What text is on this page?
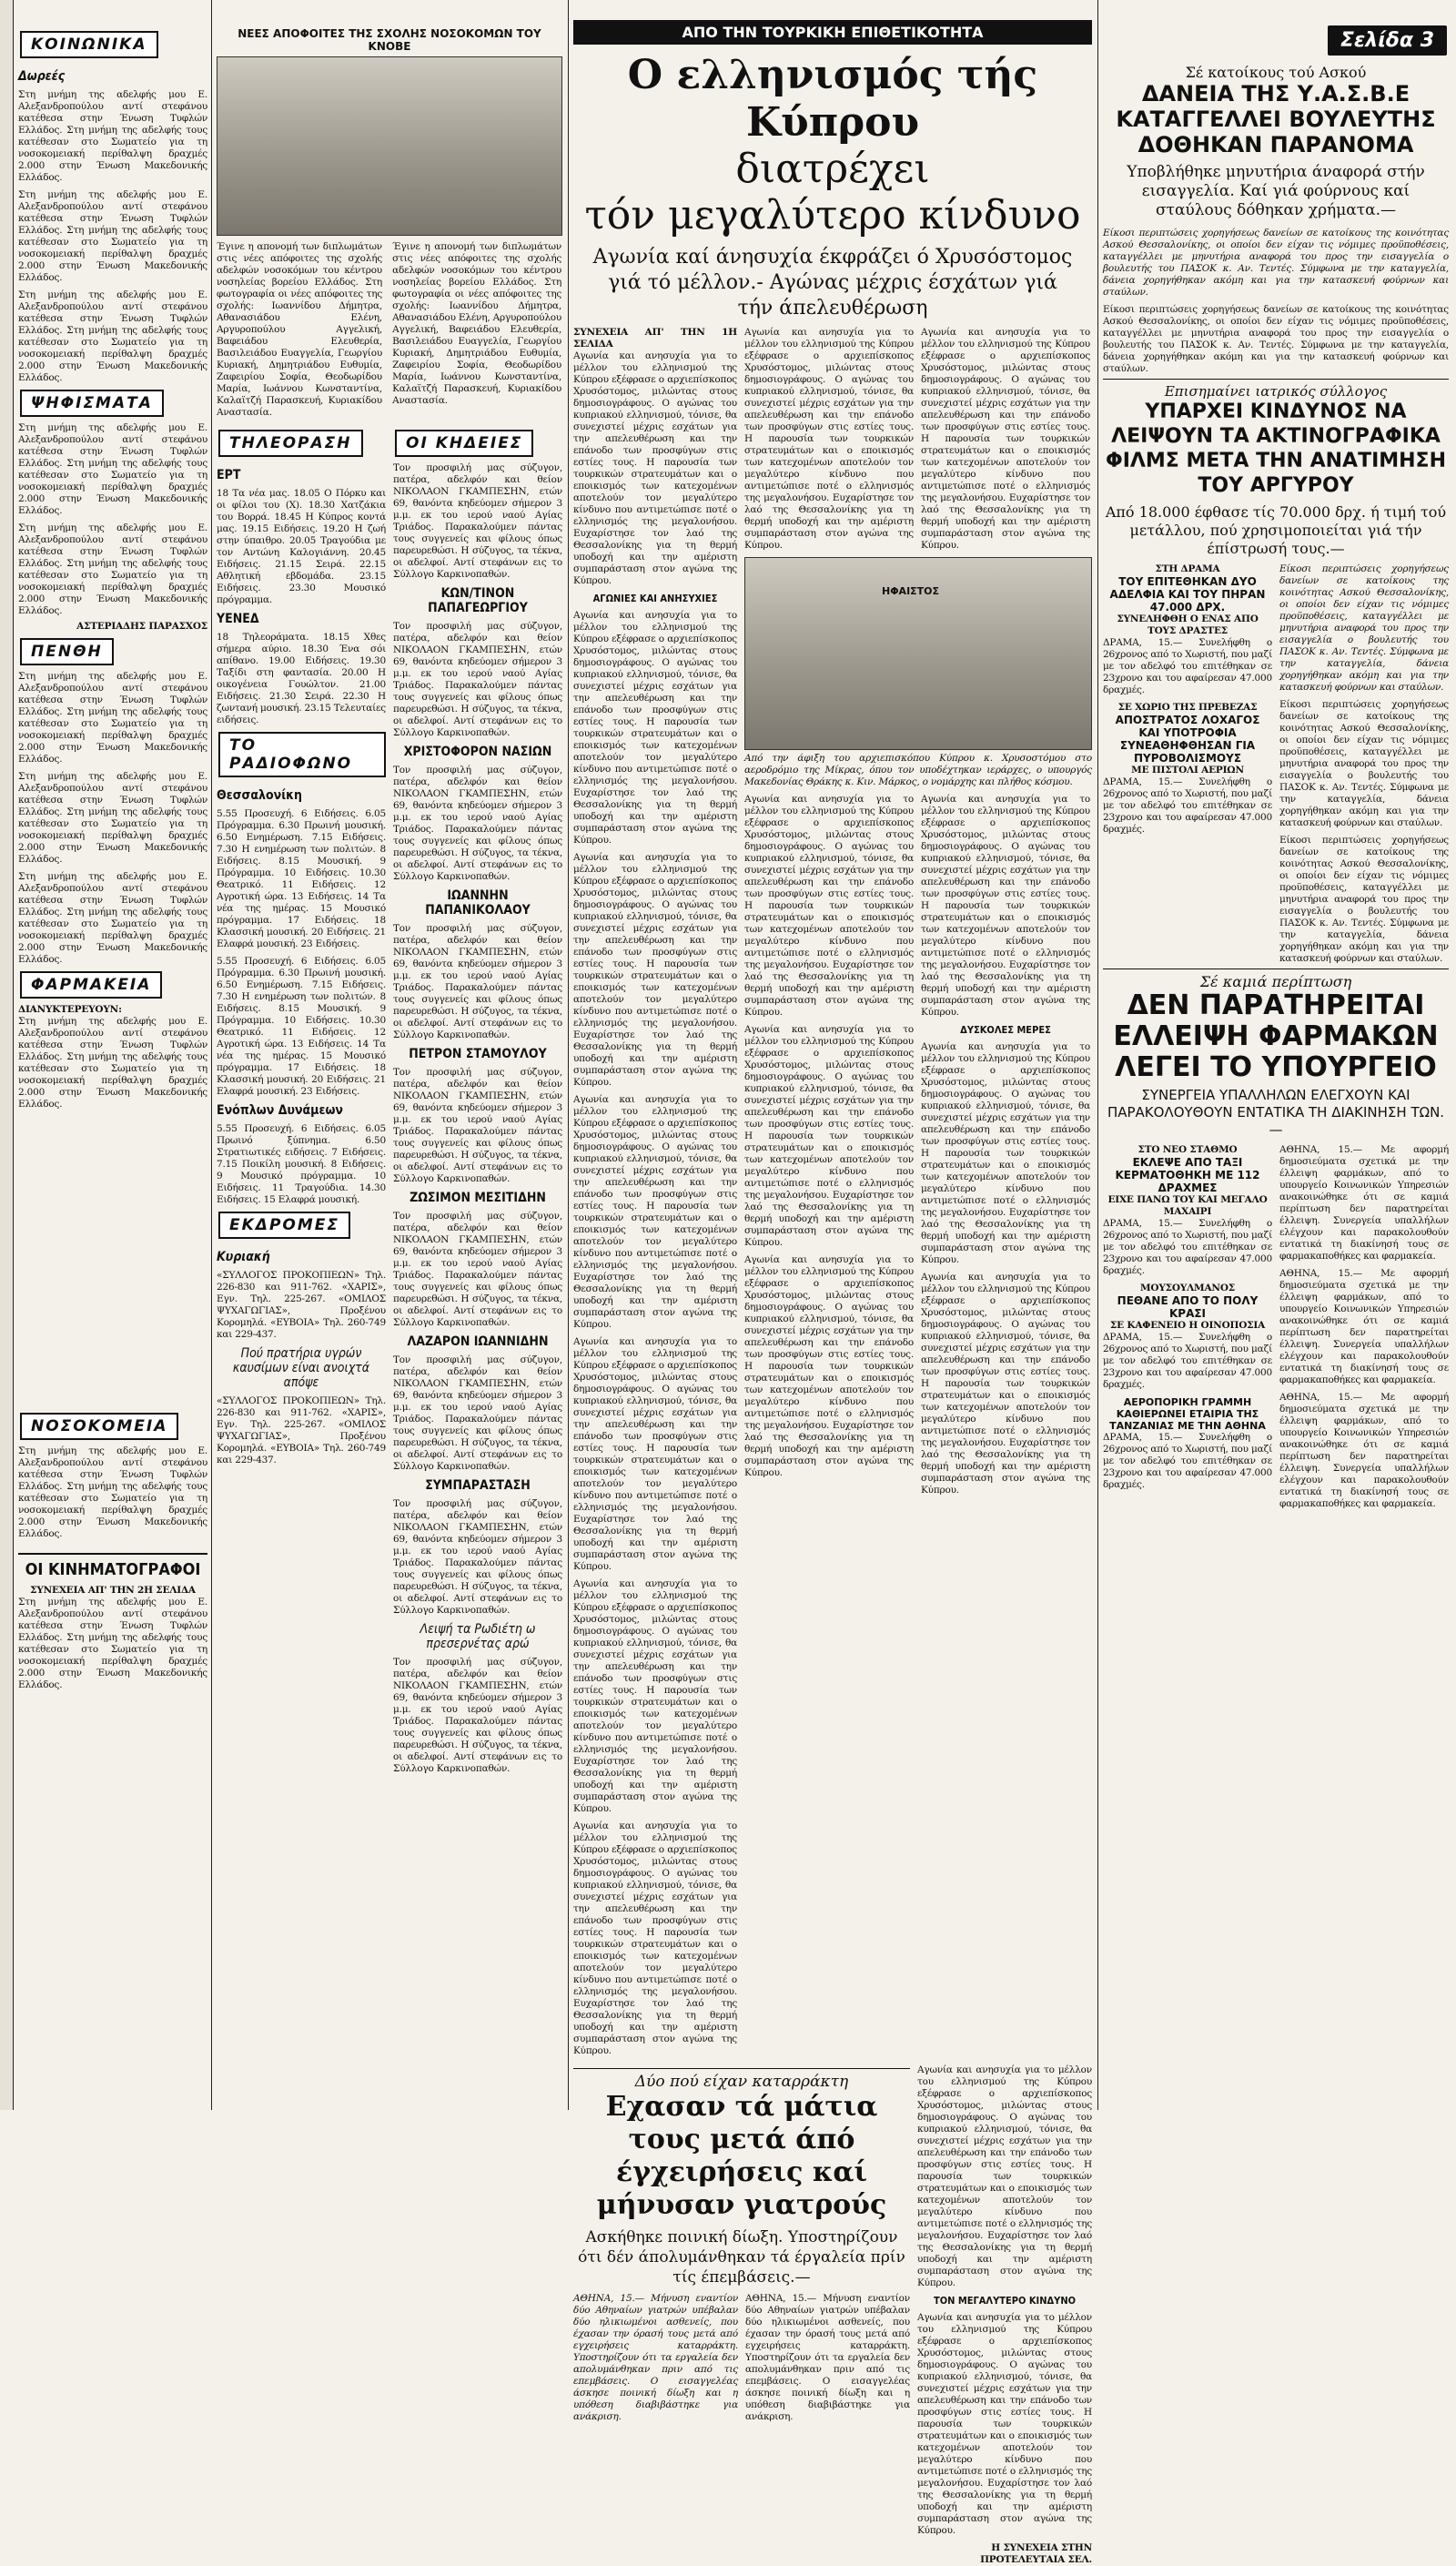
ΚΟΙΝΩΝΙΚΑ
Δωρεές
Στη μνήμη της αδελφής μου Ε. Αλεξανδροπούλου αντί στεφάνου κατέθεσα στην Ένωση Τυφλών Ελλάδος. Στη μνήμη της αδελφής τους κατέθεσαν στο Σωματείο για τη νοσοκομειακή περίθαλψη δραχμές 2.000 στην Ένωση Μακεδονικής Ελλάδος.
Στη μνήμη της αδελφής μου Ε. Αλεξανδροπούλου αντί στεφάνου κατέθεσα στην Ένωση Τυφλών Ελλάδος. Στη μνήμη της αδελφής τους κατέθεσαν στο Σωματείο για τη νοσοκομειακή περίθαλψη δραχμές 2.000 στην Ένωση Μακεδονικής Ελλάδος.
Στη μνήμη της αδελφής μου Ε. Αλεξανδροπούλου αντί στεφάνου κατέθεσα στην Ένωση Τυφλών Ελλάδος. Στη μνήμη της αδελφής τους κατέθεσαν στο Σωματείο για τη νοσοκομειακή περίθαλψη δραχμές 2.000 στην Ένωση Μακεδονικής Ελλάδος.
ΨΗΦΙΣΜΑΤΑ
Στη μνήμη της αδελφής μου Ε. Αλεξανδροπούλου αντί στεφάνου κατέθεσα στην Ένωση Τυφλών Ελλάδος. Στη μνήμη της αδελφής τους κατέθεσαν στο Σωματείο για τη νοσοκομειακή περίθαλψη δραχμές 2.000 στην Ένωση Μακεδονικής Ελλάδος.
Στη μνήμη της αδελφής μου Ε. Αλεξανδροπούλου αντί στεφάνου κατέθεσα στην Ένωση Τυφλών Ελλάδος. Στη μνήμη της αδελφής τους κατέθεσαν στο Σωματείο για τη νοσοκομειακή περίθαλψη δραχμές 2.000 στην Ένωση Μακεδονικής Ελλάδος.
ΑΣΤΕΡΙΑΔΗΣ ΠΑΡΑΣΧΟΣ
ΠΕΝΘΗ
Στη μνήμη της αδελφής μου Ε. Αλεξανδροπούλου αντί στεφάνου κατέθεσα στην Ένωση Τυφλών Ελλάδος. Στη μνήμη της αδελφής τους κατέθεσαν στο Σωματείο για τη νοσοκομειακή περίθαλψη δραχμές 2.000 στην Ένωση Μακεδονικής Ελλάδος.
Στη μνήμη της αδελφής μου Ε. Αλεξανδροπούλου αντί στεφάνου κατέθεσα στην Ένωση Τυφλών Ελλάδος. Στη μνήμη της αδελφής τους κατέθεσαν στο Σωματείο για τη νοσοκομειακή περίθαλψη δραχμές 2.000 στην Ένωση Μακεδονικής Ελλάδος.
Στη μνήμη της αδελφής μου Ε. Αλεξανδροπούλου αντί στεφάνου κατέθεσα στην Ένωση Τυφλών Ελλάδος. Στη μνήμη της αδελφής τους κατέθεσαν στο Σωματείο για τη νοσοκομειακή περίθαλψη δραχμές 2.000 στην Ένωση Μακεδονικής Ελλάδος.
ΦΑΡΜΑΚΕΙΑ
ΔΙΑΝΥΚΤΕΡΕΥΟΥΝ:
Στη μνήμη της αδελφής μου Ε. Αλεξανδροπούλου αντί στεφάνου κατέθεσα στην Ένωση Τυφλών Ελλάδος. Στη μνήμη της αδελφής τους κατέθεσαν στο Σωματείο για τη νοσοκομειακή περίθαλψη δραχμές 2.000 στην Ένωση Μακεδονικής Ελλάδος.
ΝΟΣΟΚΟΜΕΙΑ
Στη μνήμη της αδελφής μου Ε. Αλεξανδροπούλου αντί στεφάνου κατέθεσα στην Ένωση Τυφλών Ελλάδος. Στη μνήμη της αδελφής τους κατέθεσαν στο Σωματείο για τη νοσοκομειακή περίθαλψη δραχμές 2.000 στην Ένωση Μακεδονικής Ελλάδος.
ΟΙ ΚΙΝΗΜΑΤΟΓΡΑΦΟΙ
ΣΥΝΕΧΕΙΑ ΑΠ' ΤΗΝ 2Η ΣΕΛΙΔΑ
Στη μνήμη της αδελφής μου Ε. Αλεξανδροπούλου αντί στεφάνου κατέθεσα στην Ένωση Τυφλών Ελλάδος. Στη μνήμη της αδελφής τους κατέθεσαν στο Σωματείο για τη νοσοκομειακή περίθαλψη δραχμές 2.000 στην Ένωση Μακεδονικής Ελλάδος.
ΝΕΕΣ ΑΠΟΦΟΙΤΕΣ ΤΗΣ ΣΧΟΛΗΣ ΝΟΣΟΚΟΜΩΝ ΤΟΥ ΚΝΟΒΕ
Έγινε η απονομή των διπλωμάτων στις νέες απόφοιτες της σχολής αδελφών νοσοκόμων του κέντρου νοσηλείας βορείου Ελλάδος. Στη φωτογραφία οι νέες απόφοιτες της σχολής: Ιωαννίδου Δήμητρα, Αθανασιάδου Ελένη, Αργυροπούλου Αγγελική, Βαφειάδου Ελευθερία, Βασιλειάδου Ευαγγελία, Γεωργίου Κυριακή, Δημητριάδου Ευθυμία, Ζαφειρίου Σοφία, Θεοδωρίδου Μαρία, Ιωάννου Κωνσταντίνα, Καλαϊτζή Παρασκευή, Κυριακίδου Αναστασία. Έγινε η απονομή των διπλωμάτων στις νέες απόφοιτες της σχολής αδελφών νοσοκόμων του κέντρου νοσηλείας βορείου Ελλάδος. Στη φωτογραφία οι νέες απόφοιτες της σχολής: Ιωαννίδου Δήμητρα, Αθανασιάδου Ελένη, Αργυροπούλου Αγγελική, Βαφειάδου Ελευθερία, Βασιλειάδου Ευαγγελία, Γεωργίου Κυριακή, Δημητριάδου Ευθυμία, Ζαφειρίου Σοφία, Θεοδωρίδου Μαρία, Ιωάννου Κωνσταντίνα, Καλαϊτζή Παρασκευή, Κυριακίδου Αναστασία.
ΤΗΛΕΟΡΑΣΗ
ΕΡΤ
18 Τα νέα μας. 18.05 Ο Πόρκυ και οι φίλοι του (Χ). 18.30 Χατζάκια του Βορρά. 18.45 Η Κύπρος κοντά μας. 19.15 Ειδήσεις. 19.20 Η ζωή στην ύπαιθρο. 20.05 Τραγούδια με τον Αντώνη Καλογιάννη. 20.45 Ειδήσεις. 21.15 Σειρά. 22.15 Αθλητική εβδομάδα. 23.15 Ειδήσεις. 23.30 Μουσικό πρόγραμμα.
ΥΕΝΕΔ
18 Τηλεοράματα. 18.15 Χθες σήμερα αύριο. 18.30 Ένα σόι απίθανο. 19.00 Ειδήσεις. 19.30 Ταξίδι στη φαντασία. 20.00 Η οικογένεια Γουώλτον. 21.00 Ειδήσεις. 21.30 Σειρά. 22.30 Η ζωντανή μουσική. 23.15 Τελευταίες ειδήσεις.
ΤΟ ΡΑΔΙΟΦΩΝΟ
Θεσσαλονίκη
5.55 Προσευχή. 6 Ειδήσεις. 6.05 Πρόγραμμα. 6.30 Πρωινή μουσική. 6.50 Ενημέρωση. 7.15 Ειδήσεις. 7.30 Η ενημέρωση των πολιτών. 8 Ειδήσεις. 8.15 Μουσική. 9 Πρόγραμμα. 10 Ειδήσεις. 10.30 Θεατρικό. 11 Ειδήσεις. 12 Αγροτική ώρα. 13 Ειδήσεις. 14 Τα νέα της ημέρας. 15 Μουσικό πρόγραμμα. 17 Ειδήσεις. 18 Κλασσική μουσική. 20 Ειδήσεις. 21 Ελαφρά μουσική. 23 Ειδήσεις.
5.55 Προσευχή. 6 Ειδήσεις. 6.05 Πρόγραμμα. 6.30 Πρωινή μουσική. 6.50 Ενημέρωση. 7.15 Ειδήσεις. 7.30 Η ενημέρωση των πολιτών. 8 Ειδήσεις. 8.15 Μουσική. 9 Πρόγραμμα. 10 Ειδήσεις. 10.30 Θεατρικό. 11 Ειδήσεις. 12 Αγροτική ώρα. 13 Ειδήσεις. 14 Τα νέα της ημέρας. 15 Μουσικό πρόγραμμα. 17 Ειδήσεις. 18 Κλασσική μουσική. 20 Ειδήσεις. 21 Ελαφρά μουσική. 23 Ειδήσεις.
Ενόπλων Δυνάμεων
5.55 Προσευχή. 6 Ειδήσεις. 6.05 Πρωινό ξύπνημα. 6.50 Στρατιωτικές ειδήσεις. 7 Ειδήσεις. 7.15 Ποικίλη μουσική. 8 Ειδήσεις. 9 Μουσικό πρόγραμμα. 10 Ειδήσεις. 11 Τραγούδια. 14.30 Ειδήσεις. 15 Ελαφρά μουσική.
ΕΚΔΡΟΜΕΣ
Κυριακή
«ΣΥΛΛΟΓΟΣ ΠΡΟΚΟΠΙΕΩΝ» Τηλ. 226-830 και 911-762. «ΧΑΡΙΣ», Εγν. Τηλ. 225-267. «ΟΜΙΛΟΣ ΨΥΧΑΓΩΓΙΑΣ», Προξένου Κορομηλά. «ΕΥΒΟΙΑ» Τηλ. 260-749 και 229-437.
Πού πρατήρια υγρών καυσίμων είναι ανοιχτά απόψε
«ΣΥΛΛΟΓΟΣ ΠΡΟΚΟΠΙΕΩΝ» Τηλ. 226-830 και 911-762. «ΧΑΡΙΣ», Εγν. Τηλ. 225-267. «ΟΜΙΛΟΣ ΨΥΧΑΓΩΓΙΑΣ», Προξένου Κορομηλά. «ΕΥΒΟΙΑ» Τηλ. 260-749 και 229-437.
ΟΙ ΚΗΔΕΙΕΣ
Τον προσφιλή μας σύζυγον, πατέρα, αδελφόν και θείον ΝΙΚΟΛΑΟΝ ΓΚΑΜΠΕΣΗΝ, ετών 69, θανόντα κηδεύομεν σήμερον 3 μ.μ. εκ του ιερού ναού Αγίας Τριάδος. Παρακαλούμεν πάντας τους συγγενείς και φίλους όπως παρευρεθώσι. Η σύζυγος, τα τέκνα, οι αδελφοί. Αντί στεφάνων εις το Σύλλογο Καρκινοπαθών.
ΚΩΝ/ΤΙΝΟΝ ΠΑΠΑΓΕΩΡΓΙΟΥ
Τον προσφιλή μας σύζυγον, πατέρα, αδελφόν και θείον ΝΙΚΟΛΑΟΝ ΓΚΑΜΠΕΣΗΝ, ετών 69, θανόντα κηδεύομεν σήμερον 3 μ.μ. εκ του ιερού ναού Αγίας Τριάδος. Παρακαλούμεν πάντας τους συγγενείς και φίλους όπως παρευρεθώσι. Η σύζυγος, τα τέκνα, οι αδελφοί. Αντί στεφάνων εις το Σύλλογο Καρκινοπαθών.
ΧΡΙΣΤΟΦΟΡΟΝ ΝΑΣΙΩΝ
Τον προσφιλή μας σύζυγον, πατέρα, αδελφόν και θείον ΝΙΚΟΛΑΟΝ ΓΚΑΜΠΕΣΗΝ, ετών 69, θανόντα κηδεύομεν σήμερον 3 μ.μ. εκ του ιερού ναού Αγίας Τριάδος. Παρακαλούμεν πάντας τους συγγενείς και φίλους όπως παρευρεθώσι. Η σύζυγος, τα τέκνα, οι αδελφοί. Αντί στεφάνων εις το Σύλλογο Καρκινοπαθών.
ΙΩΑΝΝΗΝ ΠΑΠΑΝΙΚΟΛΑΟΥ
Τον προσφιλή μας σύζυγον, πατέρα, αδελφόν και θείον ΝΙΚΟΛΑΟΝ ΓΚΑΜΠΕΣΗΝ, ετών 69, θανόντα κηδεύομεν σήμερον 3 μ.μ. εκ του ιερού ναού Αγίας Τριάδος. Παρακαλούμεν πάντας τους συγγενείς και φίλους όπως παρευρεθώσι. Η σύζυγος, τα τέκνα, οι αδελφοί. Αντί στεφάνων εις το Σύλλογο Καρκινοπαθών.
ΠΕΤΡΟΝ ΣΤΑΜΟΥΛΟΥ
Τον προσφιλή μας σύζυγον, πατέρα, αδελφόν και θείον ΝΙΚΟΛΑΟΝ ΓΚΑΜΠΕΣΗΝ, ετών 69, θανόντα κηδεύομεν σήμερον 3 μ.μ. εκ του ιερού ναού Αγίας Τριάδος. Παρακαλούμεν πάντας τους συγγενείς και φίλους όπως παρευρεθώσι. Η σύζυγος, τα τέκνα, οι αδελφοί. Αντί στεφάνων εις το Σύλλογο Καρκινοπαθών.
ΖΩΣΙΜΟΝ ΜΕΣΙΤΙΔΗΝ
Τον προσφιλή μας σύζυγον, πατέρα, αδελφόν και θείον ΝΙΚΟΛΑΟΝ ΓΚΑΜΠΕΣΗΝ, ετών 69, θανόντα κηδεύομεν σήμερον 3 μ.μ. εκ του ιερού ναού Αγίας Τριάδος. Παρακαλούμεν πάντας τους συγγενείς και φίλους όπως παρευρεθώσι. Η σύζυγος, τα τέκνα, οι αδελφοί. Αντί στεφάνων εις το Σύλλογο Καρκινοπαθών.
ΛΑΖΑΡΟΝ ΙΩΑΝΝΙΔΗΝ
Τον προσφιλή μας σύζυγον, πατέρα, αδελφόν και θείον ΝΙΚΟΛΑΟΝ ΓΚΑΜΠΕΣΗΝ, ετών 69, θανόντα κηδεύομεν σήμερον 3 μ.μ. εκ του ιερού ναού Αγίας Τριάδος. Παρακαλούμεν πάντας τους συγγενείς και φίλους όπως παρευρεθώσι. Η σύζυγος, τα τέκνα, οι αδελφοί. Αντί στεφάνων εις το Σύλλογο Καρκινοπαθών.
ΣΥΜΠΑΡΑΣΤΑΣΗ
Τον προσφιλή μας σύζυγον, πατέρα, αδελφόν και θείον ΝΙΚΟΛΑΟΝ ΓΚΑΜΠΕΣΗΝ, ετών 69, θανόντα κηδεύομεν σήμερον 3 μ.μ. εκ του ιερού ναού Αγίας Τριάδος. Παρακαλούμεν πάντας τους συγγενείς και φίλους όπως παρευρεθώσι. Η σύζυγος, τα τέκνα, οι αδελφοί. Αντί στεφάνων εις το Σύλλογο Καρκινοπαθών.
Λειψή τα Ρωδιέτη ω πρεσερνέτας αρώ
Τον προσφιλή μας σύζυγον, πατέρα, αδελφόν και θείον ΝΙΚΟΛΑΟΝ ΓΚΑΜΠΕΣΗΝ, ετών 69, θανόντα κηδεύομεν σήμερον 3 μ.μ. εκ του ιερού ναού Αγίας Τριάδος. Παρακαλούμεν πάντας τους συγγενείς και φίλους όπως παρευρεθώσι. Η σύζυγος, τα τέκνα, οι αδελφοί. Αντί στεφάνων εις το Σύλλογο Καρκινοπαθών.
ΑΠΟ ΤΗΝ ΤΟΥΡΚΙΚΗ ΕΠΙΘΕΤΙΚΟΤΗΤΑ
Ο ελληνισμός τής Κύπρου
διατρέχει
τόν μεγαλύτερο κίνδυνο
Αγωνία καί άνησυχία έκφράζει ό Χρυσόστομος γιά τό μέλλον.- Αγώνας μέχρις έσχάτων γιά τήν άπελευθέρωση
ΣΥΝΕΧΕΙΑ ΑΠ' ΤΗΝ 1Η ΣΕΛΙΔΑ
Αγωνία και ανησυχία για το μέλλον του ελληνισμού της Κύπρου εξέφρασε ο αρχιεπίσκοπος Χρυσόστομος, μιλώντας στους δημοσιογράφους. Ο αγώνας του κυπριακού ελληνισμού, τόνισε, θα συνεχιστεί μέχρις εσχάτων για την απελευθέρωση και την επάνοδο των προσφύγων στις εστίες τους. Η παρουσία των τουρκικών στρατευμάτων και ο εποικισμός των κατεχομένων αποτελούν τον μεγαλύτερο κίνδυνο που αντιμετώπισε ποτέ ο ελληνισμός της μεγαλονήσου. Ευχαρίστησε τον λαό της Θεσσαλονίκης για τη θερμή υποδοχή και την αμέριστη συμπαράσταση στον αγώνα της Κύπρου.
ΑΓΩΝΙΕΣ ΚΑΙ ΑΝΗΣΥΧΙΕΣ
Αγωνία και ανησυχία για το μέλλον του ελληνισμού της Κύπρου εξέφρασε ο αρχιεπίσκοπος Χρυσόστομος, μιλώντας στους δημοσιογράφους. Ο αγώνας του κυπριακού ελληνισμού, τόνισε, θα συνεχιστεί μέχρις εσχάτων για την απελευθέρωση και την επάνοδο των προσφύγων στις εστίες τους. Η παρουσία των τουρκικών στρατευμάτων και ο εποικισμός των κατεχομένων αποτελούν τον μεγαλύτερο κίνδυνο που αντιμετώπισε ποτέ ο ελληνισμός της μεγαλονήσου. Ευχαρίστησε τον λαό της Θεσσαλονίκης για τη θερμή υποδοχή και την αμέριστη συμπαράσταση στον αγώνα της Κύπρου.
Αγωνία και ανησυχία για το μέλλον του ελληνισμού της Κύπρου εξέφρασε ο αρχιεπίσκοπος Χρυσόστομος, μιλώντας στους δημοσιογράφους. Ο αγώνας του κυπριακού ελληνισμού, τόνισε, θα συνεχιστεί μέχρις εσχάτων για την απελευθέρωση και την επάνοδο των προσφύγων στις εστίες τους. Η παρουσία των τουρκικών στρατευμάτων και ο εποικισμός των κατεχομένων αποτελούν τον μεγαλύτερο κίνδυνο που αντιμετώπισε ποτέ ο ελληνισμός της μεγαλονήσου. Ευχαρίστησε τον λαό της Θεσσαλονίκης για τη θερμή υποδοχή και την αμέριστη συμπαράσταση στον αγώνα της Κύπρου.
Αγωνία και ανησυχία για το μέλλον του ελληνισμού της Κύπρου εξέφρασε ο αρχιεπίσκοπος Χρυσόστομος, μιλώντας στους δημοσιογράφους. Ο αγώνας του κυπριακού ελληνισμού, τόνισε, θα συνεχιστεί μέχρις εσχάτων για την απελευθέρωση και την επάνοδο των προσφύγων στις εστίες τους. Η παρουσία των τουρκικών στρατευμάτων και ο εποικισμός των κατεχομένων αποτελούν τον μεγαλύτερο κίνδυνο που αντιμετώπισε ποτέ ο ελληνισμός της μεγαλονήσου. Ευχαρίστησε τον λαό της Θεσσαλονίκης για τη θερμή υποδοχή και την αμέριστη συμπαράσταση στον αγώνα της Κύπρου.
Αγωνία και ανησυχία για το μέλλον του ελληνισμού της Κύπρου εξέφρασε ο αρχιεπίσκοπος Χρυσόστομος, μιλώντας στους δημοσιογράφους. Ο αγώνας του κυπριακού ελληνισμού, τόνισε, θα συνεχιστεί μέχρις εσχάτων για την απελευθέρωση και την επάνοδο των προσφύγων στις εστίες τους. Η παρουσία των τουρκικών στρατευμάτων και ο εποικισμός των κατεχομένων αποτελούν τον μεγαλύτερο κίνδυνο που αντιμετώπισε ποτέ ο ελληνισμός της μεγαλονήσου. Ευχαρίστησε τον λαό της Θεσσαλονίκης για τη θερμή υποδοχή και την αμέριστη συμπαράσταση στον αγώνα της Κύπρου.
Αγωνία και ανησυχία για το μέλλον του ελληνισμού της Κύπρου εξέφρασε ο αρχιεπίσκοπος Χρυσόστομος, μιλώντας στους δημοσιογράφους. Ο αγώνας του κυπριακού ελληνισμού, τόνισε, θα συνεχιστεί μέχρις εσχάτων για την απελευθέρωση και την επάνοδο των προσφύγων στις εστίες τους. Η παρουσία των τουρκικών στρατευμάτων και ο εποικισμός των κατεχομένων αποτελούν τον μεγαλύτερο κίνδυνο που αντιμετώπισε ποτέ ο ελληνισμός της μεγαλονήσου. Ευχαρίστησε τον λαό της Θεσσαλονίκης για τη θερμή υποδοχή και την αμέριστη συμπαράσταση στον αγώνα της Κύπρου.
Αγωνία και ανησυχία για το μέλλον του ελληνισμού της Κύπρου εξέφρασε ο αρχιεπίσκοπος Χρυσόστομος, μιλώντας στους δημοσιογράφους. Ο αγώνας του κυπριακού ελληνισμού, τόνισε, θα συνεχιστεί μέχρις εσχάτων για την απελευθέρωση και την επάνοδο των προσφύγων στις εστίες τους. Η παρουσία των τουρκικών στρατευμάτων και ο εποικισμός των κατεχομένων αποτελούν τον μεγαλύτερο κίνδυνο που αντιμετώπισε ποτέ ο ελληνισμός της μεγαλονήσου. Ευχαρίστησε τον λαό της Θεσσαλονίκης για τη θερμή υποδοχή και την αμέριστη συμπαράσταση στον αγώνα της Κύπρου.
Αγωνία και ανησυχία για το μέλλον του ελληνισμού της Κύπρου εξέφρασε ο αρχιεπίσκοπος Χρυσόστομος, μιλώντας στους δημοσιογράφους. Ο αγώνας του κυπριακού ελληνισμού, τόνισε, θα συνεχιστεί μέχρις εσχάτων για την απελευθέρωση και την επάνοδο των προσφύγων στις εστίες τους. Η παρουσία των τουρκικών στρατευμάτων και ο εποικισμός των κατεχομένων αποτελούν τον μεγαλύτερο κίνδυνο που αντιμετώπισε ποτέ ο ελληνισμός της μεγαλονήσου. Ευχαρίστησε τον λαό της Θεσσαλονίκης για τη θερμή υποδοχή και την αμέριστη συμπαράσταση στον αγώνα της Κύπρου.
Αγωνία και ανησυχία για το μέλλον του ελληνισμού της Κύπρου εξέφρασε ο αρχιεπίσκοπος Χρυσόστομος, μιλώντας στους δημοσιογράφους. Ο αγώνας του κυπριακού ελληνισμού, τόνισε, θα συνεχιστεί μέχρις εσχάτων για την απελευθέρωση και την επάνοδο των προσφύγων στις εστίες τους. Η παρουσία των τουρκικών στρατευμάτων και ο εποικισμός των κατεχομένων αποτελούν τον μεγαλύτερο κίνδυνο που αντιμετώπισε ποτέ ο ελληνισμός της μεγαλονήσου. Ευχαρίστησε τον λαό της Θεσσαλονίκης για τη θερμή υποδοχή και την αμέριστη συμπαράσταση στον αγώνα της Κύπρου.
ΗΦΑΙΣΤΟΣ
Από την άφιξη του αρχιεπισκόπου Κύπρου κ. Χρυσοστόμου στο αεροδρόμιο της Μίκρας, όπου τον υποδέχτηκαν ιεράρχες, ο υπουργός Μακεδονίας Θράκης κ. Κιν. Μάρκος, ο νομάρχης και πλήθος κόσμου.
Αγωνία και ανησυχία για το μέλλον του ελληνισμού της Κύπρου εξέφρασε ο αρχιεπίσκοπος Χρυσόστομος, μιλώντας στους δημοσιογράφους. Ο αγώνας του κυπριακού ελληνισμού, τόνισε, θα συνεχιστεί μέχρις εσχάτων για την απελευθέρωση και την επάνοδο των προσφύγων στις εστίες τους. Η παρουσία των τουρκικών στρατευμάτων και ο εποικισμός των κατεχομένων αποτελούν τον μεγαλύτερο κίνδυνο που αντιμετώπισε ποτέ ο ελληνισμός της μεγαλονήσου. Ευχαρίστησε τον λαό της Θεσσαλονίκης για τη θερμή υποδοχή και την αμέριστη συμπαράσταση στον αγώνα της Κύπρου.
Αγωνία και ανησυχία για το μέλλον του ελληνισμού της Κύπρου εξέφρασε ο αρχιεπίσκοπος Χρυσόστομος, μιλώντας στους δημοσιογράφους. Ο αγώνας του κυπριακού ελληνισμού, τόνισε, θα συνεχιστεί μέχρις εσχάτων για την απελευθέρωση και την επάνοδο των προσφύγων στις εστίες τους. Η παρουσία των τουρκικών στρατευμάτων και ο εποικισμός των κατεχομένων αποτελούν τον μεγαλύτερο κίνδυνο που αντιμετώπισε ποτέ ο ελληνισμός της μεγαλονήσου. Ευχαρίστησε τον λαό της Θεσσαλονίκης για τη θερμή υποδοχή και την αμέριστη συμπαράσταση στον αγώνα της Κύπρου.
Αγωνία και ανησυχία για το μέλλον του ελληνισμού της Κύπρου εξέφρασε ο αρχιεπίσκοπος Χρυσόστομος, μιλώντας στους δημοσιογράφους. Ο αγώνας του κυπριακού ελληνισμού, τόνισε, θα συνεχιστεί μέχρις εσχάτων για την απελευθέρωση και την επάνοδο των προσφύγων στις εστίες τους. Η παρουσία των τουρκικών στρατευμάτων και ο εποικισμός των κατεχομένων αποτελούν τον μεγαλύτερο κίνδυνο που αντιμετώπισε ποτέ ο ελληνισμός της μεγαλονήσου. Ευχαρίστησε τον λαό της Θεσσαλονίκης για τη θερμή υποδοχή και την αμέριστη συμπαράσταση στον αγώνα της Κύπρου.
Αγωνία και ανησυχία για το μέλλον του ελληνισμού της Κύπρου εξέφρασε ο αρχιεπίσκοπος Χρυσόστομος, μιλώντας στους δημοσιογράφους. Ο αγώνας του κυπριακού ελληνισμού, τόνισε, θα συνεχιστεί μέχρις εσχάτων για την απελευθέρωση και την επάνοδο των προσφύγων στις εστίες τους. Η παρουσία των τουρκικών στρατευμάτων και ο εποικισμός των κατεχομένων αποτελούν τον μεγαλύτερο κίνδυνο που αντιμετώπισε ποτέ ο ελληνισμός της μεγαλονήσου. Ευχαρίστησε τον λαό της Θεσσαλονίκης για τη θερμή υποδοχή και την αμέριστη συμπαράσταση στον αγώνα της Κύπρου.
ΔΥΣΚΟΛΕΣ ΜΕΡΕΣ
Αγωνία και ανησυχία για το μέλλον του ελληνισμού της Κύπρου εξέφρασε ο αρχιεπίσκοπος Χρυσόστομος, μιλώντας στους δημοσιογράφους. Ο αγώνας του κυπριακού ελληνισμού, τόνισε, θα συνεχιστεί μέχρις εσχάτων για την απελευθέρωση και την επάνοδο των προσφύγων στις εστίες τους. Η παρουσία των τουρκικών στρατευμάτων και ο εποικισμός των κατεχομένων αποτελούν τον μεγαλύτερο κίνδυνο που αντιμετώπισε ποτέ ο ελληνισμός της μεγαλονήσου. Ευχαρίστησε τον λαό της Θεσσαλονίκης για τη θερμή υποδοχή και την αμέριστη συμπαράσταση στον αγώνα της Κύπρου.
Αγωνία και ανησυχία για το μέλλον του ελληνισμού της Κύπρου εξέφρασε ο αρχιεπίσκοπος Χρυσόστομος, μιλώντας στους δημοσιογράφους. Ο αγώνας του κυπριακού ελληνισμού, τόνισε, θα συνεχιστεί μέχρις εσχάτων για την απελευθέρωση και την επάνοδο των προσφύγων στις εστίες τους. Η παρουσία των τουρκικών στρατευμάτων και ο εποικισμός των κατεχομένων αποτελούν τον μεγαλύτερο κίνδυνο που αντιμετώπισε ποτέ ο ελληνισμός της μεγαλονήσου. Ευχαρίστησε τον λαό της Θεσσαλονίκης για τη θερμή υποδοχή και την αμέριστη συμπαράσταση στον αγώνα της Κύπρου.
Δύο πού είχαν καταρράκτη
Εχασαν τά μάτια τους μετά άπό έγχειρήσεις καί μήνυσαν γιατρούς
Ασκήθηκε ποινική δίωξη. Υποστηρίζουν ότι δέν άπολυμάνθηκαν τά έργαλεία πρίν τίς έπεμβάσεις.—
ΑΘΗΝΑ, 15.— Μήνυση εναντίον δύο Αθηναίων γιατρών υπέβαλαν δύο ηλικιωμένοι ασθενείς, που έχασαν την όρασή τους μετά από εγχειρήσεις καταρράκτη. Υποστηρίζουν ότι τα εργαλεία δεν απολυμάνθηκαν πριν από τις επεμβάσεις. Ο εισαγγελέας άσκησε ποινική δίωξη και η υπόθεση διαβιβάστηκε για ανάκριση.
ΑΘΗΝΑ, 15.— Μήνυση εναντίον δύο Αθηναίων γιατρών υπέβαλαν δύο ηλικιωμένοι ασθενείς, που έχασαν την όρασή τους μετά από εγχειρήσεις καταρράκτη. Υποστηρίζουν ότι τα εργαλεία δεν απολυμάνθηκαν πριν από τις επεμβάσεις. Ο εισαγγελέας άσκησε ποινική δίωξη και η υπόθεση διαβιβάστηκε για ανάκριση.
Αγωνία και ανησυχία για το μέλλον του ελληνισμού της Κύπρου εξέφρασε ο αρχιεπίσκοπος Χρυσόστομος, μιλώντας στους δημοσιογράφους. Ο αγώνας του κυπριακού ελληνισμού, τόνισε, θα συνεχιστεί μέχρις εσχάτων για την απελευθέρωση και την επάνοδο των προσφύγων στις εστίες τους. Η παρουσία των τουρκικών στρατευμάτων και ο εποικισμός των κατεχομένων αποτελούν τον μεγαλύτερο κίνδυνο που αντιμετώπισε ποτέ ο ελληνισμός της μεγαλονήσου. Ευχαρίστησε τον λαό της Θεσσαλονίκης για τη θερμή υποδοχή και την αμέριστη συμπαράσταση στον αγώνα της Κύπρου.
ΤΟΝ ΜΕΓΑΛΥΤΕΡΟ ΚΙΝΔΥΝΟ
Αγωνία και ανησυχία για το μέλλον του ελληνισμού της Κύπρου εξέφρασε ο αρχιεπίσκοπος Χρυσόστομος, μιλώντας στους δημοσιογράφους. Ο αγώνας του κυπριακού ελληνισμού, τόνισε, θα συνεχιστεί μέχρις εσχάτων για την απελευθέρωση και την επάνοδο των προσφύγων στις εστίες τους. Η παρουσία των τουρκικών στρατευμάτων και ο εποικισμός των κατεχομένων αποτελούν τον μεγαλύτερο κίνδυνο που αντιμετώπισε ποτέ ο ελληνισμός της μεγαλονήσου. Ευχαρίστησε τον λαό της Θεσσαλονίκης για τη θερμή υποδοχή και την αμέριστη συμπαράσταση στον αγώνα της Κύπρου.
Η ΣΥΝΕΧΕΙΑ ΣΤΗΝ ΠΡΟΤΕΛΕΥΤΑΙΑ ΣΕΛ.
Σελίδα 3
Σέ κατοίκους τού Ασκού
ΔΑΝΕΙΑ ΤΗΣ Υ.Α.Σ.Β.Ε ΚΑΤΑΓΓΕΛΛΕΙ ΒΟΥΛΕΥΤΗΣ ΔΟΘΗΚΑΝ ΠΑΡΑΝΟΜΑ
Υποβλήθηκε μηνυτήρια άναφορά στήν εισαγγελία. Καί γιά φούρνους καί σταύλους δόθηκαν χρήματα.—
Είκοσι περιπτώσεις χορηγήσεως δανείων σε κατοίκους της κοινότητας Ασκού Θεσσαλονίκης, οι οποίοι δεν είχαν τις νόμιμες προϋποθέσεις, καταγγέλλει με μηνυτήρια αναφορά του προς την εισαγγελία ο βουλευτής του ΠΑΣΟΚ κ. Αν. Τεντές. Σύμφωνα με την καταγγελία, δάνεια χορηγήθηκαν ακόμη και για την κατασκευή φούρνων και σταύλων.
Είκοσι περιπτώσεις χορηγήσεως δανείων σε κατοίκους της κοινότητας Ασκού Θεσσαλονίκης, οι οποίοι δεν είχαν τις νόμιμες προϋποθέσεις, καταγγέλλει με μηνυτήρια αναφορά του προς την εισαγγελία ο βουλευτής του ΠΑΣΟΚ κ. Αν. Τεντές. Σύμφωνα με την καταγγελία, δάνεια χορηγήθηκαν ακόμη και για την κατασκευή φούρνων και σταύλων.
Επισημαίνει ιατρικός σύλλογος
ΥΠΑΡΧΕΙ ΚΙΝΔΥΝΟΣ ΝΑ ΛΕΙΨΟΥΝ ΤΑ ΑΚΤΙΝΟΓΡΑΦΙΚΑ ΦΙΛΜΣ ΜΕΤΑ ΤΗΝ ΑΝΑΤΙΜΗΣΗ ΤΟΥ ΑΡΓΥΡΟΥ
Από 18.000 έφθασε τίς 70.000 δρχ. ή τιμή τού μετάλλου, πού χρησιμοποιείται γιά τήν έπίστρωσή τους.—
ΣΤΗ ΔΡΑΜΑ
ΤΟΥ ΕΠΙΤΕΘΗΚΑΝ ΔΥΟ ΑΔΕΛΦΙΑ ΚΑΙ ΤΟΥ ΠΗΡΑΝ 47.000 ΔΡΧ.
ΣΥΝΕΛΗΦΘΗ Ο ΕΝΑΣ ΑΠΟ ΤΟΥΣ ΔΡΑΣΤΕΣ
ΔΡΑΜΑ, 15.— Συνελήφθη ο 26χρονος από το Χωριστή, που μαζί με τον αδελφό του επιτέθηκαν σε 23χρονο και του αφαίρεσαν 47.000 δραχμές.
ΣΕ ΧΩΡΙΟ ΤΗΣ ΠΡΕΒΕΖΑΣ
ΑΠΟΣΤΡΑΤΟΣ ΛΟΧΑΓΟΣ ΚΑΙ ΥΠΟΤΡΟΦΙΑ ΣΥΝΕΑΘΗΦΘΗΣΑΝ ΓΙΑ ΠΥΡΟΒΟΛΙΣΜΟΥΣ
ΜΕ ΠΙΣΤΟΛΙ ΑΕΡΙΩΝ
ΔΡΑΜΑ, 15.— Συνελήφθη ο 26χρονος από το Χωριστή, που μαζί με τον αδελφό του επιτέθηκαν σε 23χρονο και του αφαίρεσαν 47.000 δραχμές.
Είκοσι περιπτώσεις χορηγήσεως δανείων σε κατοίκους της κοινότητας Ασκού Θεσσαλονίκης, οι οποίοι δεν είχαν τις νόμιμες προϋποθέσεις, καταγγέλλει με μηνυτήρια αναφορά του προς την εισαγγελία ο βουλευτής του ΠΑΣΟΚ κ. Αν. Τεντές. Σύμφωνα με την καταγγελία, δάνεια χορηγήθηκαν ακόμη και για την κατασκευή φούρνων και σταύλων.
Είκοσι περιπτώσεις χορηγήσεως δανείων σε κατοίκους της κοινότητας Ασκού Θεσσαλονίκης, οι οποίοι δεν είχαν τις νόμιμες προϋποθέσεις, καταγγέλλει με μηνυτήρια αναφορά του προς την εισαγγελία ο βουλευτής του ΠΑΣΟΚ κ. Αν. Τεντές. Σύμφωνα με την καταγγελία, δάνεια χορηγήθηκαν ακόμη και για την κατασκευή φούρνων και σταύλων.
Είκοσι περιπτώσεις χορηγήσεως δανείων σε κατοίκους της κοινότητας Ασκού Θεσσαλονίκης, οι οποίοι δεν είχαν τις νόμιμες προϋποθέσεις, καταγγέλλει με μηνυτήρια αναφορά του προς την εισαγγελία ο βουλευτής του ΠΑΣΟΚ κ. Αν. Τεντές. Σύμφωνα με την καταγγελία, δάνεια χορηγήθηκαν ακόμη και για την κατασκευή φούρνων και σταύλων.
Σέ καμιά περίπτωση
ΔΕΝ ΠΑΡΑΤΗΡΕΙΤΑΙ ΕΛΛΕΙΨΗ ΦΑΡΜΑΚΩΝ ΛΕΓΕΙ ΤΟ ΥΠΟΥΡΓΕΙΟ
ΣΥΝΕΡΓΕΙΑ ΥΠΑΛΛΗΛΩΝ ΕΛΕΓΧΟΥΝ ΚΑΙ ΠΑΡΑΚΟΛΟΥΘΟΥΝ ΕΝΤΑΤΙΚΑ ΤΗ ΔΙΑΚΙΝΗΣΗ ΤΩΝ.—
ΣΤΟ ΝΕΟ ΣΤΑΘΜΟ
ΕΚΛΕΨΕ ΑΠΟ ΤΑΞΙ ΚΕΡΜΑΤΟΘΗΚΗ ΜΕ 112 ΔΡΑΧΜΕΣ
ΕΙΧΕ ΠΑΝΩ ΤΟΥ ΚΑΙ ΜΕΓΑΛΟ ΜΑΧΑΙΡΙ
ΔΡΑΜΑ, 15.— Συνελήφθη ο 26χρονος από το Χωριστή, που μαζί με τον αδελφό του επιτέθηκαν σε 23χρονο και του αφαίρεσαν 47.000 δραχμές.
ΜΟΥΣΟΥΛΜΑΝΟΣ
ΠΕΘΑΝΕ ΑΠΟ ΤΟ ΠΟΛΥ ΚΡΑΣΙ
ΣΕ ΚΑΦΕΝΕΙΟ Η ΟΙΝΟΠΟΣΙΑ
ΔΡΑΜΑ, 15.— Συνελήφθη ο 26χρονος από το Χωριστή, που μαζί με τον αδελφό του επιτέθηκαν σε 23χρονο και του αφαίρεσαν 47.000 δραχμές.
ΑΕΡΟΠΟΡΙΚΗ ΓΡΑΜΜΗ ΚΑΘΙΕΡΩΝΕΙ ΕΤΑΙΡΙΑ ΤΗΣ ΤΑΝΖΑΝΙΑΣ ΜΕ ΤΗΝ ΑΘΗΝΑ
ΔΡΑΜΑ, 15.— Συνελήφθη ο 26χρονος από το Χωριστή, που μαζί με τον αδελφό του επιτέθηκαν σε 23χρονο και του αφαίρεσαν 47.000 δραχμές.
ΑΘΗΝΑ, 15.— Με αφορμή δημοσιεύματα σχετικά με την έλλειψη φαρμάκων, από το υπουργείο Κοινωνικών Υπηρεσιών ανακοινώθηκε ότι σε καμιά περίπτωση δεν παρατηρείται έλλειψη. Συνεργεία υπαλλήλων ελέγχουν και παρακολουθούν εντατικά τη διακίνησή τους σε φαρμακαποθήκες και φαρμακεία.
ΑΘΗΝΑ, 15.— Με αφορμή δημοσιεύματα σχετικά με την έλλειψη φαρμάκων, από το υπουργείο Κοινωνικών Υπηρεσιών ανακοινώθηκε ότι σε καμιά περίπτωση δεν παρατηρείται έλλειψη. Συνεργεία υπαλλήλων ελέγχουν και παρακολουθούν εντατικά τη διακίνησή τους σε φαρμακαποθήκες και φαρμακεία.
ΑΘΗΝΑ, 15.— Με αφορμή δημοσιεύματα σχετικά με την έλλειψη φαρμάκων, από το υπουργείο Κοινωνικών Υπηρεσιών ανακοινώθηκε ότι σε καμιά περίπτωση δεν παρατηρείται έλλειψη. Συνεργεία υπαλλήλων ελέγχουν και παρακολουθούν εντατικά τη διακίνησή τους σε φαρμακαποθήκες και φαρμακεία.
